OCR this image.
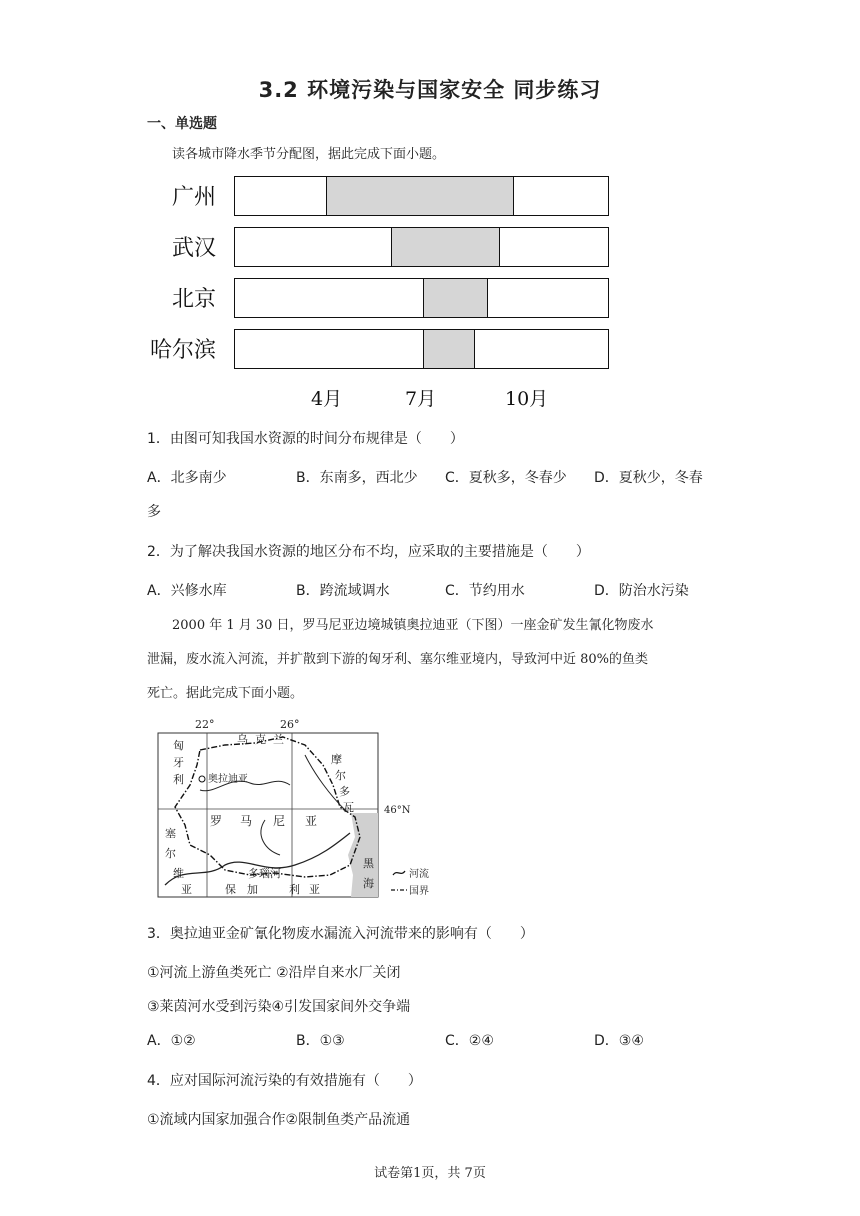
3.2 环境污染与国家安全 同步练习
一、单选题
读各城市降水季节分配图，据此完成下面小题。
广州
武汉
北京
哈尔滨
4月	7月	10月
1．由图可知我国水资源的时间分布规律是（　　）
A．北多南少	B．东南多，西北少 C．夏秋多，冬春少 D．夏秋少，冬春
多
2．为了解决我国水资源的地区分布不均，应采取的主要措施是（　　）
A．兴修水库	B．跨流域调水	C．节约用水	D．防治水污染
2000 年 1 月 30 日，罗马尼亚边境城镇奥拉迪亚（下图）一座金矿发生氰化物废水
泄漏，废水流入河流，并扩散到下游的匈牙利、塞尔维亚境内，导致河中近 80%的鱼类
死亡。据此完成下面小题。
22°	26°
46°N
匈
牙
利
乌 克 兰
摩
尔
多
瓦
奥拉迪亚
罗 马 尼 亚
塞
尔
维
亚
多瑙河
保 加	利 亚
黑
海
河流
国界
3．奥拉迪亚金矿氰化物废水漏流入河流带来的影响有（　　）
①河流上游鱼类死亡 ②沿岸自来水厂关闭
③莱茵河水受到污染④引发国家间外交争端
A．①②	B．①③	C．②④	D．③④
4．应对国际河流污染的有效措施有（　　）
①流域内国家加强合作②限制鱼类产品流通
试卷第1页，共 7页
